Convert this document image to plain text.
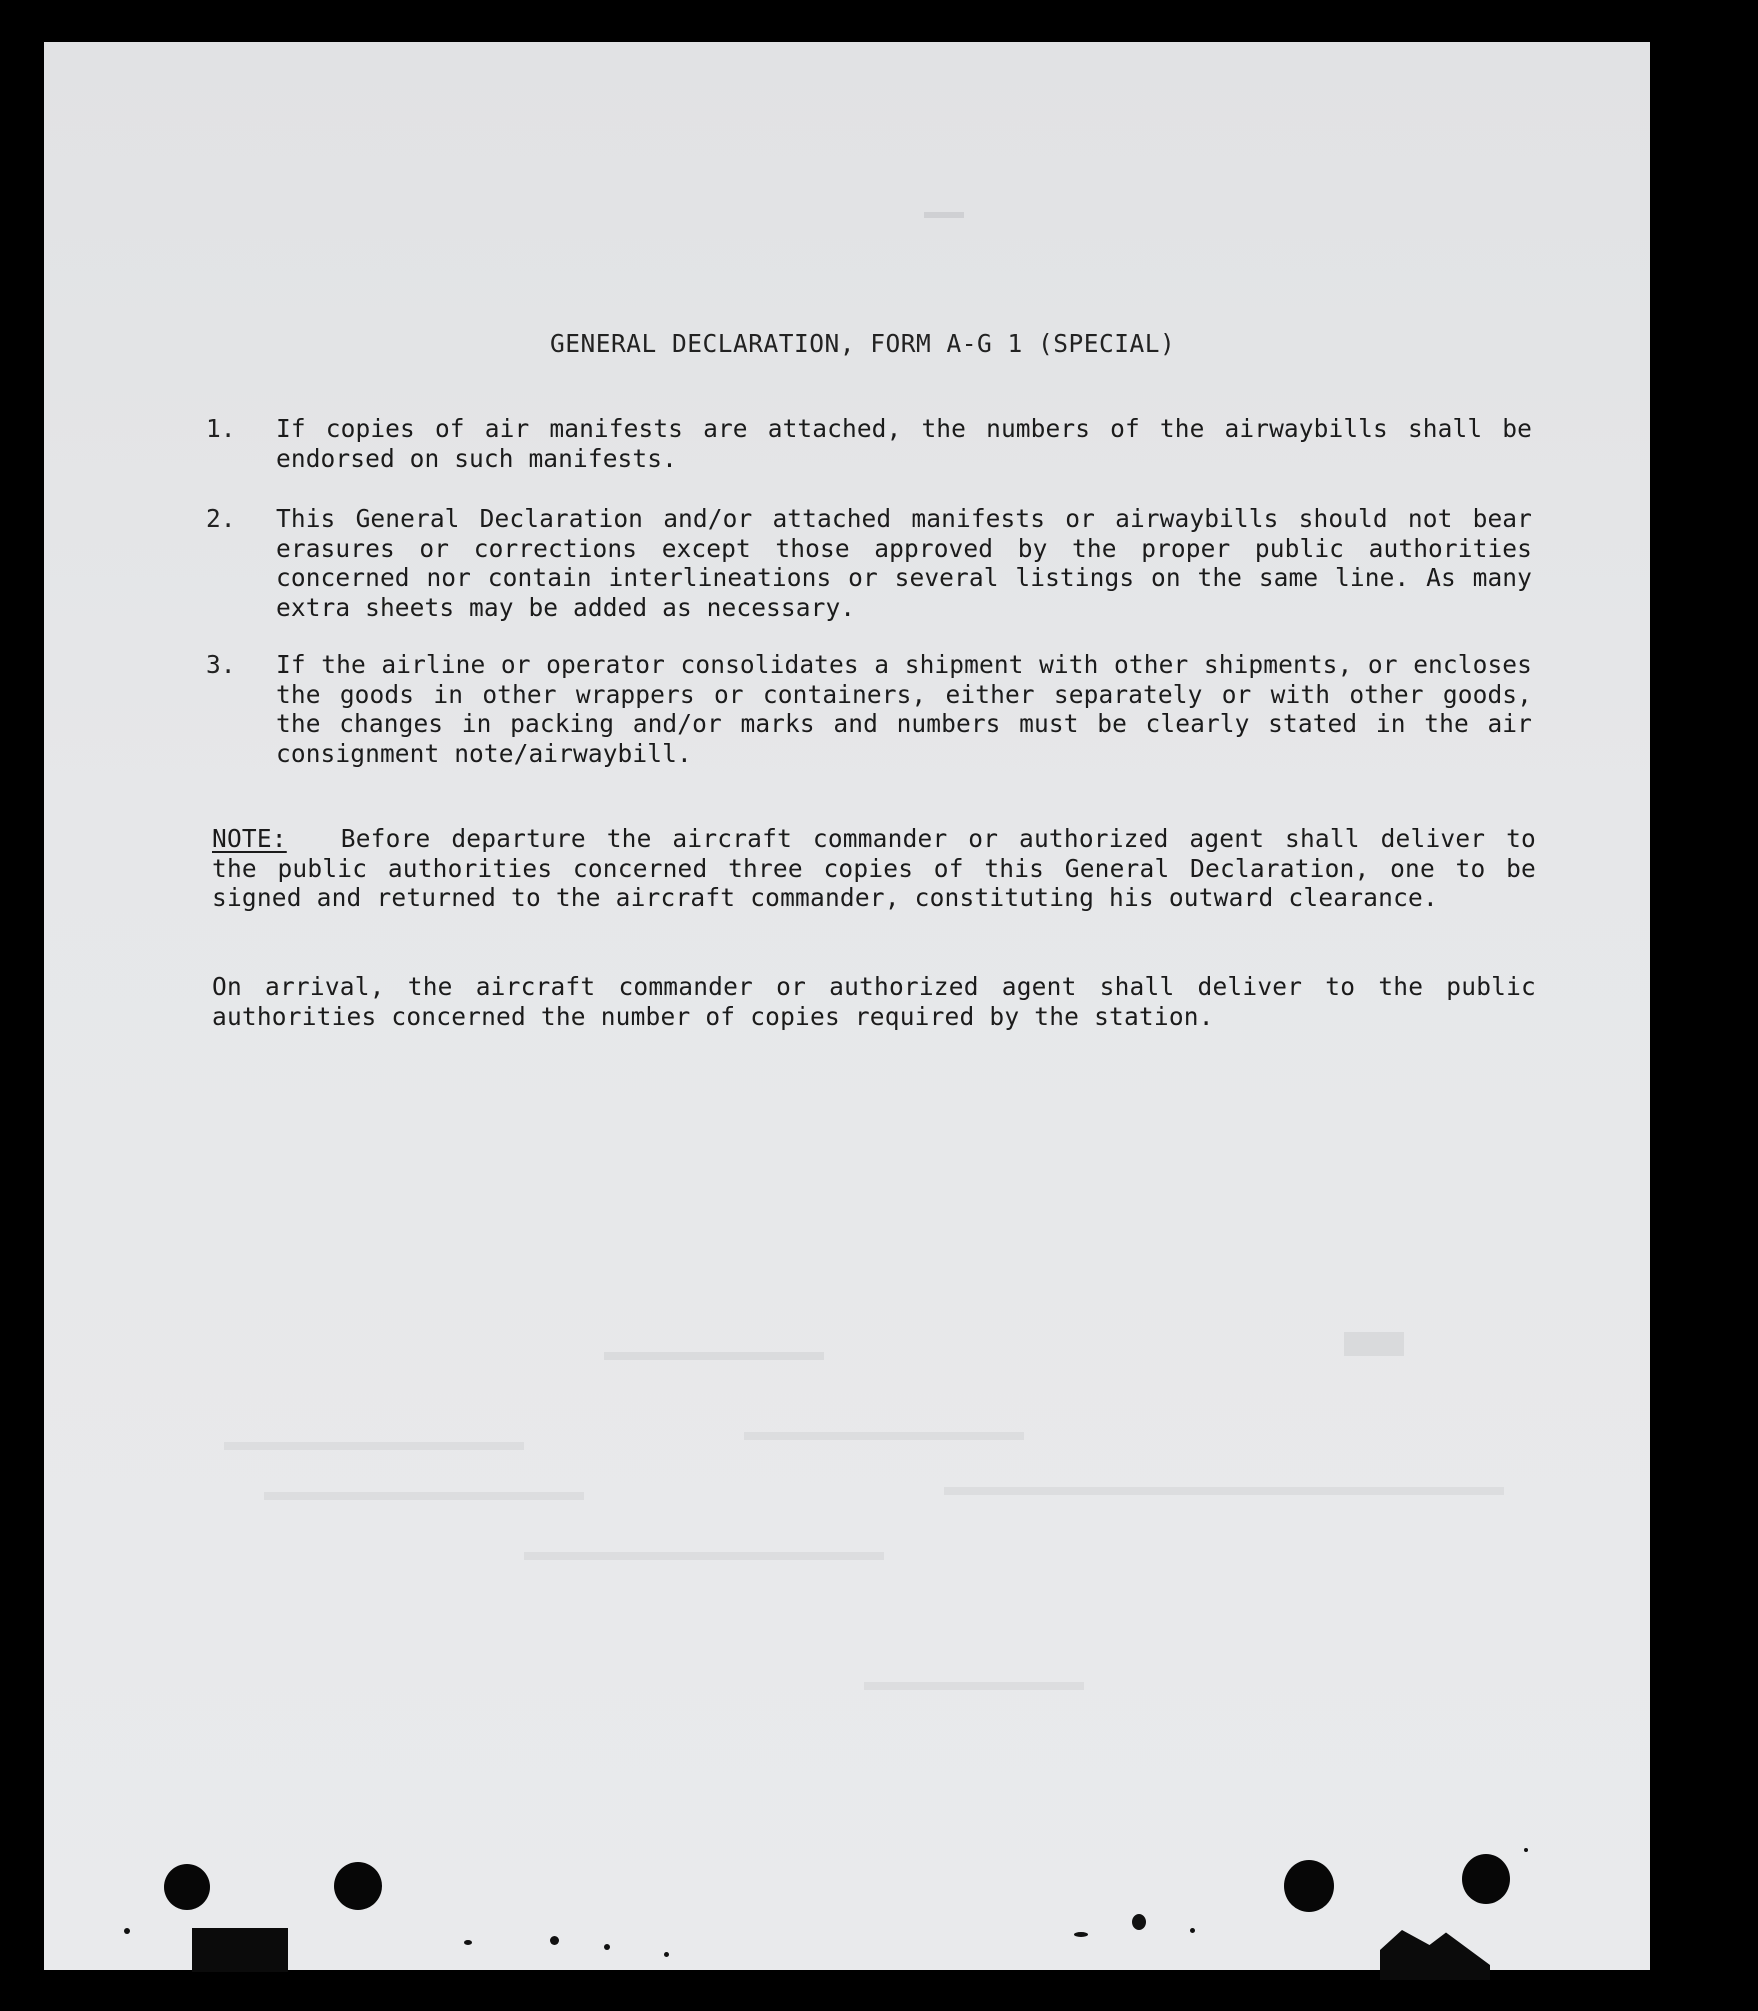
GENERAL DECLARATION, FORM A-G 1 (SPECIAL)

1.	If copies of air manifests are attached, the numbers of the airwaybills shall be endorsed on such manifests.
2.	This General Declaration and/or attached manifests or airwaybills should not bear erasures or corrections except those approved by the proper public authorities concerned nor contain interlineations or several listings on the same line. As many extra sheets may be added as necessary.
3.	If the airline or operator consolidates a shipment with other shipments, or encloses the goods in other wrappers or containers, either separately or with other goods, the changes in packing and/or marks and numbers must be clearly stated in the air consignment note/airwaybill.

NOTE: Before departure the aircraft commander or authorized agent shall deliver to the public authorities concerned three copies of this General Declaration, one to be signed and returned to the aircraft commander, constituting his outward clearance.

On arrival, the aircraft commander or authorized agent shall deliver to the public authorities concerned the number of copies required by the station.
